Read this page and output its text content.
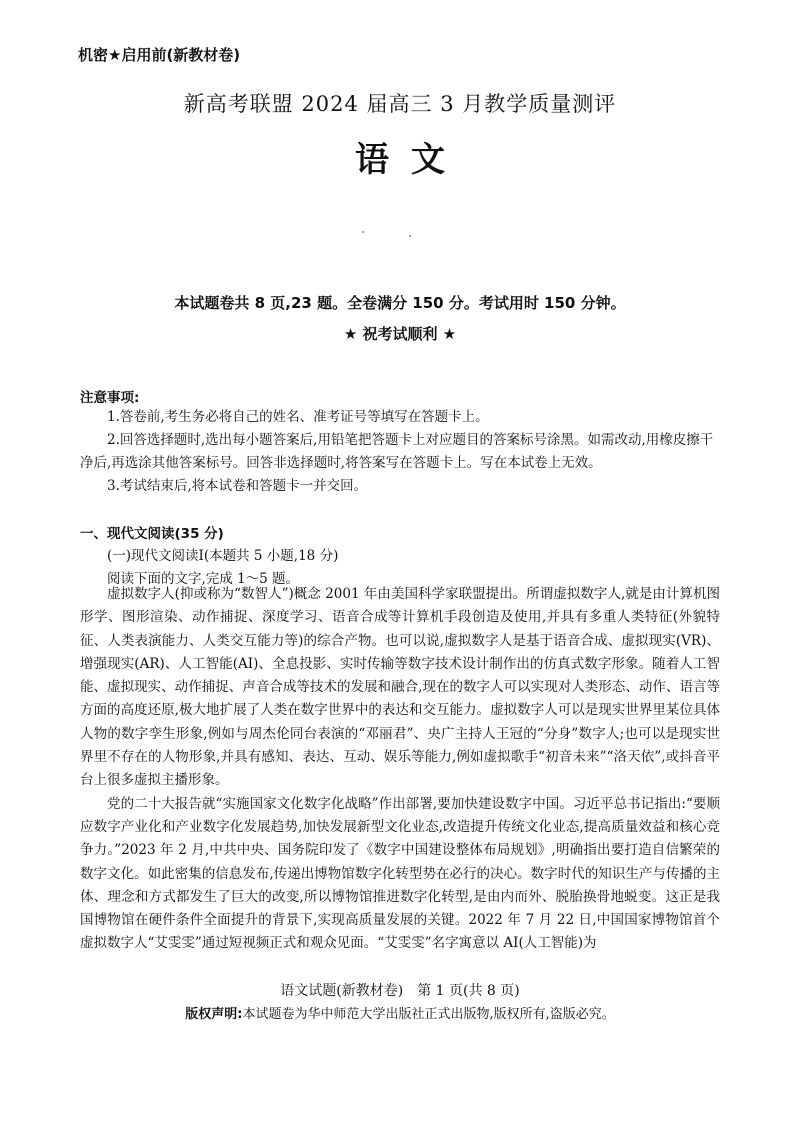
机密★启用前(新教材卷)
新高考联盟 2024 届高三 3 月教学质量测评
语文
本试题卷共 8 页,23 题。全卷满分 150 分。考试用时 150 分钟。
★ 祝考试顺利 ★
注意事项:

1.答卷前,考生务必将自己的姓名、准考证号等填写在答题卡上。

2.回答选择题时,选出每小题答案后,用铅笔把答题卡上对应题目的答案标号涂黑。如需改动,用橡皮擦干净后,再选涂其他答案标号。回答非选择题时,将答案写在答题卡上。写在本试卷上无效。

3.考试结束后,将本试卷和答题卡一并交回。

一、现代文阅读(35 分)
(一)现代文阅读Ⅰ(本题共 5 小题,18 分)
阅读下面的文字,完成 1～5 题。

虚拟数字人(抑或称为“数智人”)概念 2001 年由美国科学家联盟提出。所谓虚拟数字人,就是由计算机图形学、图形渲染、动作捕捉、深度学习、语音合成等计算机手段创造及使用,并具有多重人类特征(外貌特征、人类表演能力、人类交互能力等)的综合产物。也可以说,虚拟数字人是基于语音合成、虚拟现实(VR)、增强现实(AR)、人工智能(AI)、全息投影、实时传输等数字技术设计制作出的仿真式数字形象。随着人工智能、虚拟现实、动作捕捉、声音合成等技术的发展和融合,现在的数字人可以实现对人类形态、动作、语言等方面的高度还原,极大地扩展了人类在数字世界中的表达和交互能力。虚拟数字人可以是现实世界里某位具体人物的数字孪生形象,例如与周杰伦同台表演的“邓丽君”、央广主持人王冠的“分身”数字人;也可以是现实世界里不存在的人物形象,并具有感知、表达、互动、娱乐等能力,例如虚拟歌手“初音未来”“洛天依”,或抖音平台上很多虚拟主播形象。

党的二十大报告就“实施国家文化数字化战略”作出部署,要加快建设数字中国。习近平总书记指出:“要顺应数字产业化和产业数字化发展趋势,加快发展新型文化业态,改造提升传统文化业态,提高质量效益和核心竞争力。”2023 年 2 月,中共中央、国务院印发了《数字中国建设整体布局规划》,明确指出要打造自信繁荣的数字文化。如此密集的信息发布,传递出博物馆数字化转型势在必行的决心。数字时代的知识生产与传播的主体、理念和方式都发生了巨大的改变,所以博物馆推进数字化转型,是由内而外、脱胎换骨地蜕变。这正是我国博物馆在硬件条件全面提升的背景下,实现高质量发展的关键。2022 年 7 月 22 日,中国国家博物馆首个虚拟数字人“艾雯雯”通过短视频正式和观众见面。“艾雯雯”名字寓意以 AI(人工智能)为

语文试题(新教材卷)　第 1 页(共 8 页)
版权声明:本试题卷为华中师范大学出版社正式出版物,版权所有,盗版必究。
